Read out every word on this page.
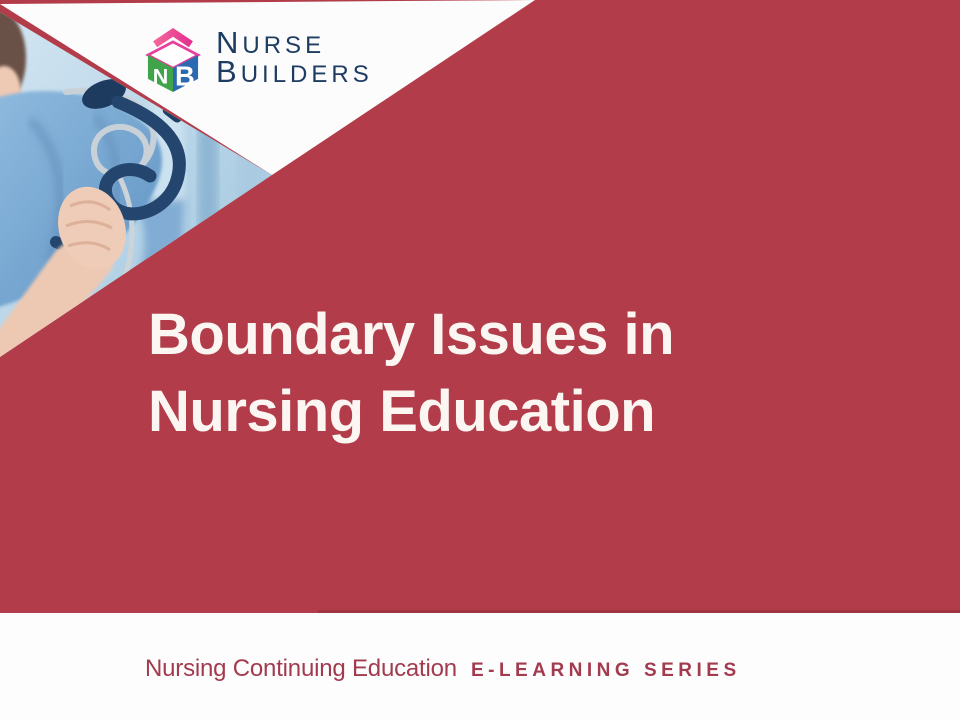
N B
NURSE
BUILDERS
Boundary Issues in
Nursing Education
Nursing Continuing Education E-LEARNING SERIES
